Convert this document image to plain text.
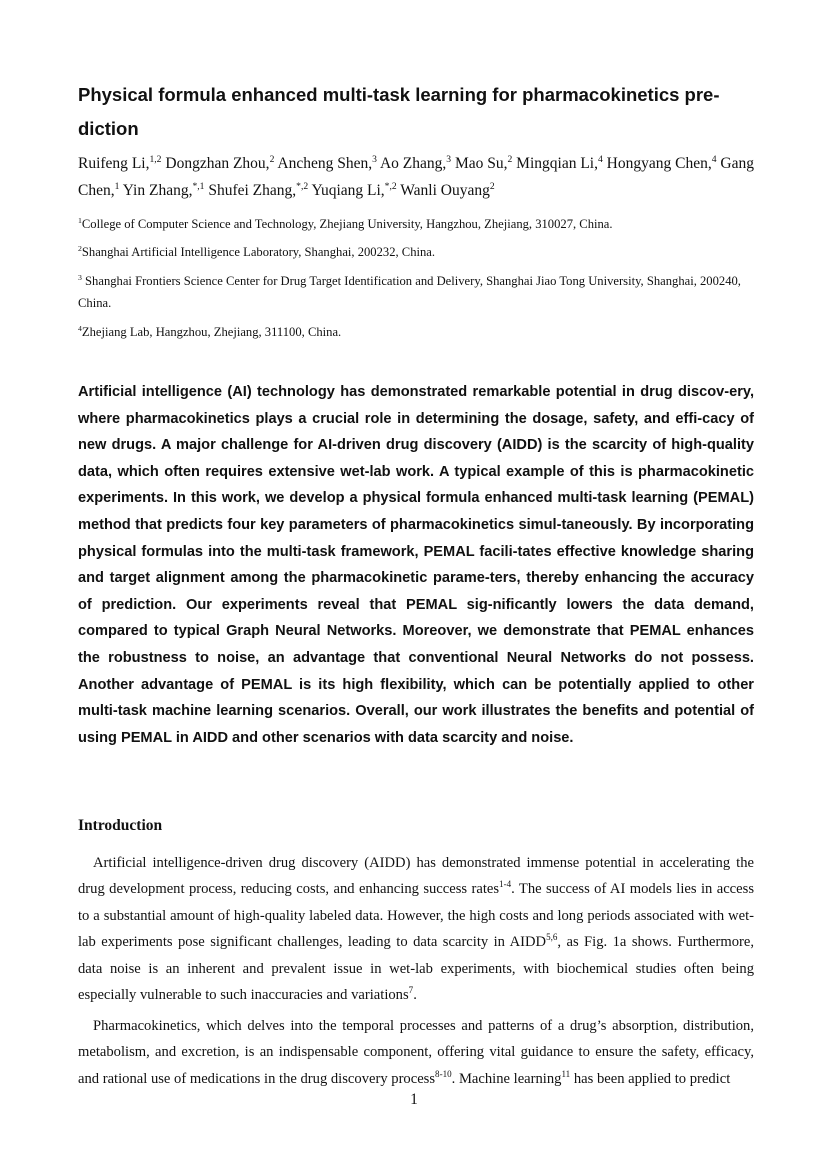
Physical formula enhanced multi-task learning for pharmacokinetics pre-diction
Ruifeng Li,$^{1,2}$ Dongzhan Zhou,$^2$ Ancheng Shen,$^3$ Ao Zhang,$^3$ Mao Su,$^2$ Mingqian Li,$^4$ Hongyang Chen,$^4$ Gang Chen,$^1$ Yin Zhang,$^{*,1}$ Shufei Zhang,$^{*,2}$ Yuqiang Li,$^{*,2}$ Wanli Ouyang$^2$
$^1$College of Computer Science and Technology, Zhejiang University, Hangzhou, Zhejiang, 310027, China.
$^2$Shanghai Artificial Intelligence Laboratory, Shanghai, 200232, China.
$^3$ Shanghai Frontiers Science Center for Drug Target Identification and Delivery, Shanghai Jiao Tong University, Shanghai, 200240, China.
$^4$Zhejiang Lab, Hangzhou, Zhejiang, 311100, China.

Artificial intelligence (AI) technology has demonstrated remarkable potential in drug discov-ery, where pharmacokinetics plays a crucial role in determining the dosage, safety, and effi-cacy of new drugs. A major challenge for AI-driven drug discovery (AIDD) is the scarcity of high-quality data, which often requires extensive wet-lab work. A typical example of this is pharmacokinetic experiments. In this work, we develop a physical formula enhanced multi-task learning (PEMAL) method that predicts four key parameters of pharmacokinetics simul-taneously. By incorporating physical formulas into the multi-task framework, PEMAL facili-tates effective knowledge sharing and target alignment among the pharmacokinetic parame-ters, thereby enhancing the accuracy of prediction. Our experiments reveal that PEMAL sig-nificantly lowers the data demand, compared to typical Graph Neural Networks. Moreover, we demonstrate that PEMAL enhances the robustness to noise, an advantage that conventional Neural Networks do not possess. Another advantage of PEMAL is its high flexibility, which can be potentially applied to other multi-task machine learning scenarios. Overall, our work illustrates the benefits and potential of using PEMAL in AIDD and other scenarios with data scarcity and noise.

Introduction

Artificial intelligence-driven drug discovery (AIDD) has demonstrated immense potential in accelerating the drug development process, reducing costs, and enhancing success rates$^{1-4}$. The success of AI models lies in access to a substantial amount of high-quality labeled data. However, the high costs and long periods associated with wet-lab experiments pose significant challenges, leading to data scarcity in AIDD$^{5,6}$, as Fig. 1a shows. Furthermore, data noise is an inherent and prevalent issue in wet-lab experiments, with biochemical studies often being especially vulnerable to such inaccuracies and variations$^7$.

Pharmacokinetics, which delves into the temporal processes and patterns of a drug’s absorption, distribution, metabolism, and excretion, is an indispensable component, offering vital guidance to ensure the safety, efficacy, and rational use of medications in the drug discovery process$^{8-10}$. Machine learning$^{11}$ has been applied to predict

1
